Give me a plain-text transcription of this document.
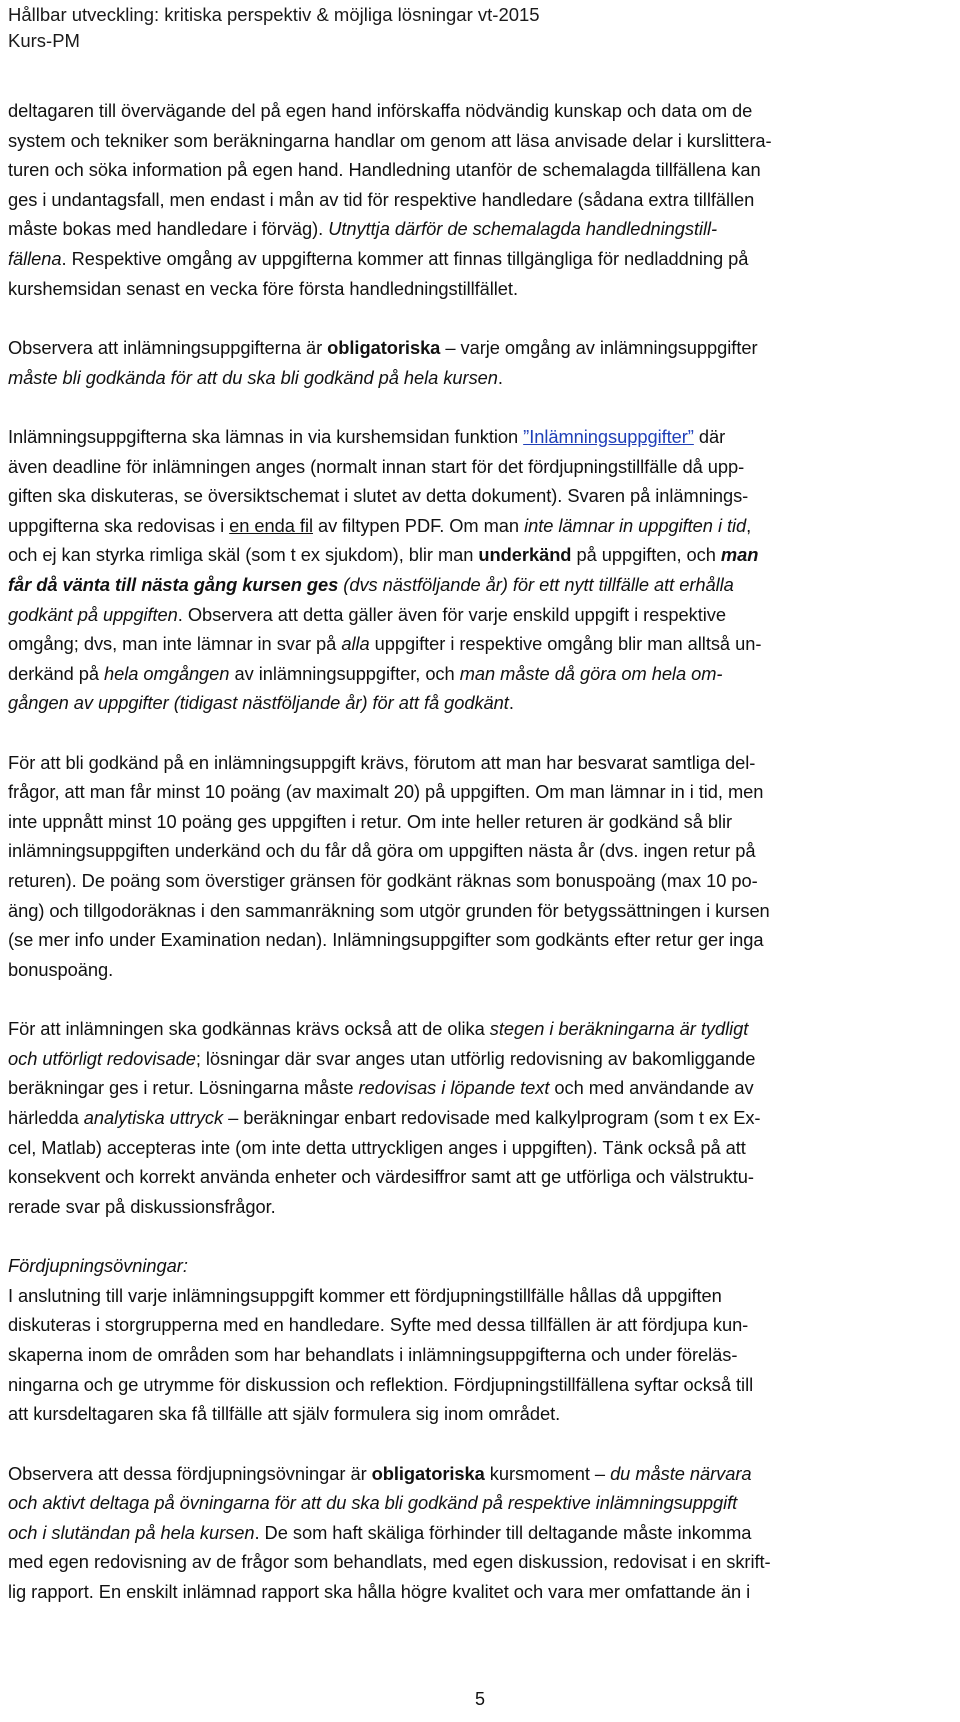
Hållbar utveckling: kritiska perspektiv & möjliga lösningar vt-2015
Kurs-PM

deltagaren till övervägande del på egen hand införskaffa nödvändig kunskap och data om de
system och tekniker som beräkningarna handlar om genom att läsa anvisade delar i kurslittera-
turen och söka information på egen hand. Handledning utanför de schemalagda tillfällena kan
ges i undantagsfall, men endast i mån av tid för respektive handledare (sådana extra tillfällen
måste bokas med handledare i förväg). Utnyttja därför de schemalagda handledningstill-
fällena. Respektive omgång av uppgifterna kommer att finnas tillgängliga för nedladdning på
kurshemsidan senast en vecka före första handledningstillfället.

Observera att inlämningsuppgifterna är obligatoriska – varje omgång av inlämningsuppgifter
måste bli godkända för att du ska bli godkänd på hela kursen.

Inlämningsuppgifterna ska lämnas in via kurshemsidan funktion ”Inlämningsuppgifter” där
även deadline för inlämningen anges (normalt innan start för det fördjupningstillfälle då upp-
giften ska diskuteras, se översiktschemat i slutet av detta dokument). Svaren på inlämnings-
uppgifterna ska redovisas i en enda fil av filtypen PDF. Om man inte lämnar in uppgiften i tid,
och ej kan styrka rimliga skäl (som t ex sjukdom), blir man underkänd på uppgiften, och man
får då vänta till nästa gång kursen ges (dvs nästföljande år) för ett nytt tillfälle att erhålla
godkänt på uppgiften. Observera att detta gäller även för varje enskild uppgift i respektive
omgång; dvs, man inte lämnar in svar på alla uppgifter i respektive omgång blir man alltså un-
derkänd på hela omgången av inlämningsuppgifter, och man måste då göra om hela om-
gången av uppgifter (tidigast nästföljande år) för att få godkänt.

För att bli godkänd på en inlämningsuppgift krävs, förutom att man har besvarat samtliga del-
frågor, att man får minst 10 poäng (av maximalt 20) på uppgiften. Om man lämnar in i tid, men
inte uppnått minst 10 poäng ges uppgiften i retur. Om inte heller returen är godkänd så blir
inlämningsuppgiften underkänd och du får då göra om uppgiften nästa år (dvs. ingen retur på
returen). De poäng som överstiger gränsen för godkänt räknas som bonuspoäng (max 10 po-
äng) och tillgodoräknas i den sammanräkning som utgör grunden för betygssättningen i kursen
(se mer info under Examination nedan). Inlämningsuppgifter som godkänts efter retur ger inga
bonuspoäng.

För att inlämningen ska godkännas krävs också att de olika stegen i beräkningarna är tydligt
och utförligt redovisade; lösningar där svar anges utan utförlig redovisning av bakomliggande
beräkningar ges i retur. Lösningarna måste redovisas i löpande text och med användande av
härledda analytiska uttryck – beräkningar enbart redovisade med kalkylprogram (som t ex Ex-
cel, Matlab) accepteras inte (om inte detta uttryckligen anges i uppgiften). Tänk också på att
konsekvent och korrekt använda enheter och värdesiffror samt att ge utförliga och välstruktu-
rerade svar på diskussionsfrågor.

Fördjupningsövningar:
I anslutning till varje inlämningsuppgift kommer ett fördjupningstillfälle hållas då uppgiften
diskuteras i storgrupperna med en handledare. Syfte med dessa tillfällen är att fördjupa kun-
skaperna inom de områden som har behandlats i inlämningsuppgifterna och under föreläs-
ningarna och ge utrymme för diskussion och reflektion. Fördjupningstillfällena syftar också till
att kursdeltagaren ska få tillfälle att själv formulera sig inom området.

Observera att dessa fördjupningsövningar är obligatoriska kursmoment – du måste närvara
och aktivt deltaga på övningarna för att du ska bli godkänd på respektive inlämningsuppgift
och i slutändan på hela kursen. De som haft skäliga förhinder till deltagande måste inkomma
med egen redovisning av de frågor som behandlats, med egen diskussion, redovisat i en skrift-
lig rapport. En enskilt inlämnad rapport ska hålla högre kvalitet och vara mer omfattande än i

5
